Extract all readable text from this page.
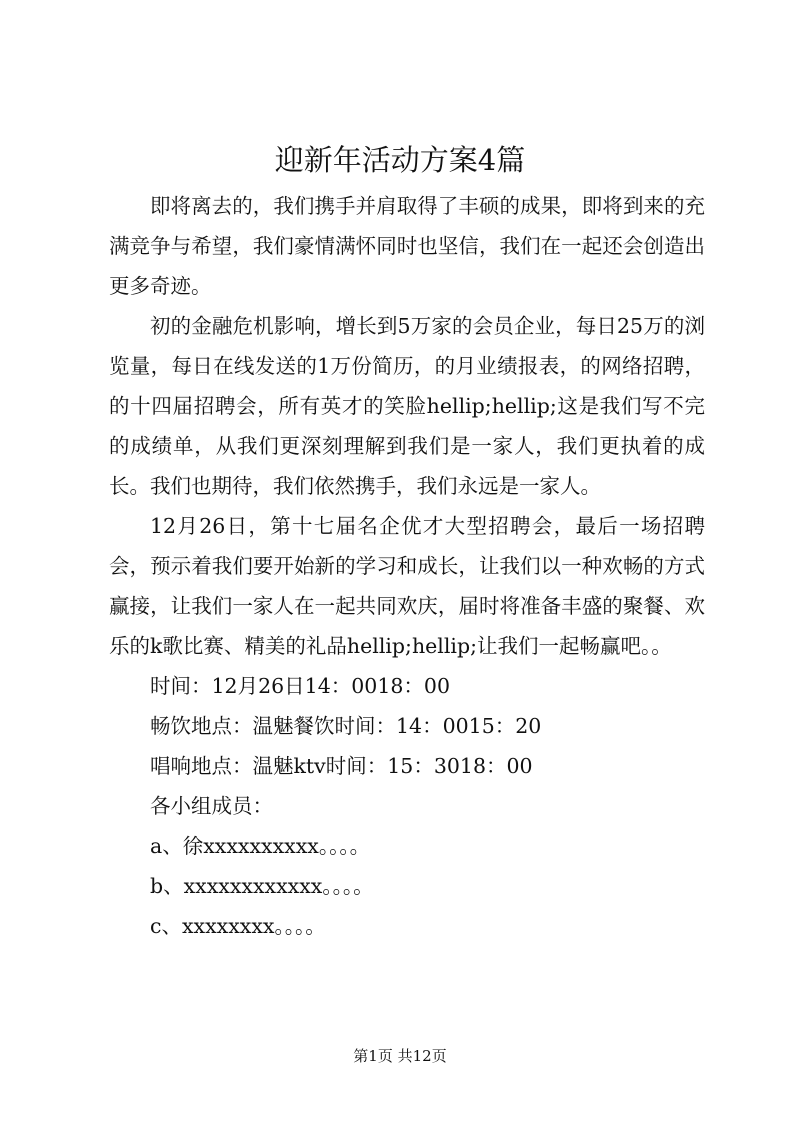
迎新年活动方案4篇

即将离去的，我们携手并肩取得了丰硕的成果，即将到来的充满竞争与希望，我们豪情满怀同时也坚信，我们在一起还会创造出更多奇迹。

初的金融危机影响，增长到5万家的会员企业，每日25万的浏览量，每日在线发送的1万份简历，的月业绩报表，的网络招聘，的十四届招聘会，所有英才的笑脸hellip;hellip;这是我们写不完的成绩单，从我们更深刻理解到我们是一家人，我们更执着的成长。我们也期待，我们依然携手，我们永远是一家人。

12月26日，第十七届名企优才大型招聘会，最后一场招聘会，预示着我们要开始新的学习和成长，让我们以一种欢畅的方式赢接，让我们一家人在一起共同欢庆，届时将准备丰盛的聚餐、欢乐的k歌比赛、精美的礼品hellip;hellip;让我们一起畅赢吧。。

时间：12月26日14：0018：00

畅饮地点：温魅餐饮时间：14：0015：20

唱响地点：温魅ktv时间：15：3018：00

各小组成员：

a、徐xxxxxxxxxx。。。。

b、xxxxxxxxxxxx。。。。

c、xxxxxxxx。。。。

第1页 共12页
